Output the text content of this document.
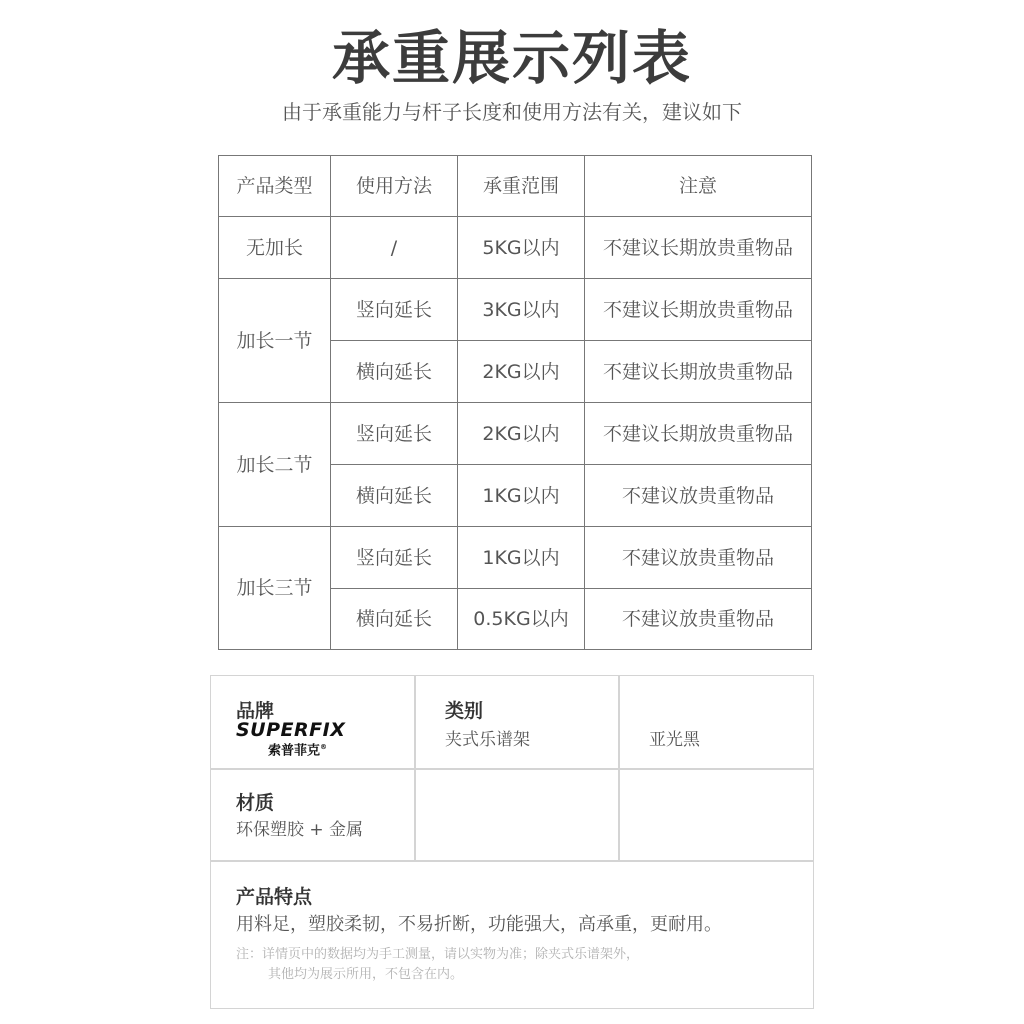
承重展示列表
由于承重能力与杆子长度和使用方法有关，建议如下
产品类型	使用方法	承重范围	注意
无加长	/	5KG以内	不建议长期放贵重物品
加长一节	竖向延长	3KG以内	不建议长期放贵重物品
	横向延长	2KG以内	不建议长期放贵重物品
加长二节	竖向延长	2KG以内	不建议长期放贵重物品
	横向延长	1KG以内	不建议放贵重物品
加长三节	竖向延长	1KG以内	不建议放贵重物品
	横向延长	0.5KG以内	不建议放贵重物品
品牌
SUPERFIX
索普菲克®
类别
夹式乐谱架	亚光黑
材质
环保塑胶 + 金属
产品特点
用料足，塑胶柔韧，不易折断，功能强大，高承重，更耐用。
注：详情页中的数据均为手工测量，请以实物为准；除夹式乐谱架外，
其他均为展示所用，不包含在内。
